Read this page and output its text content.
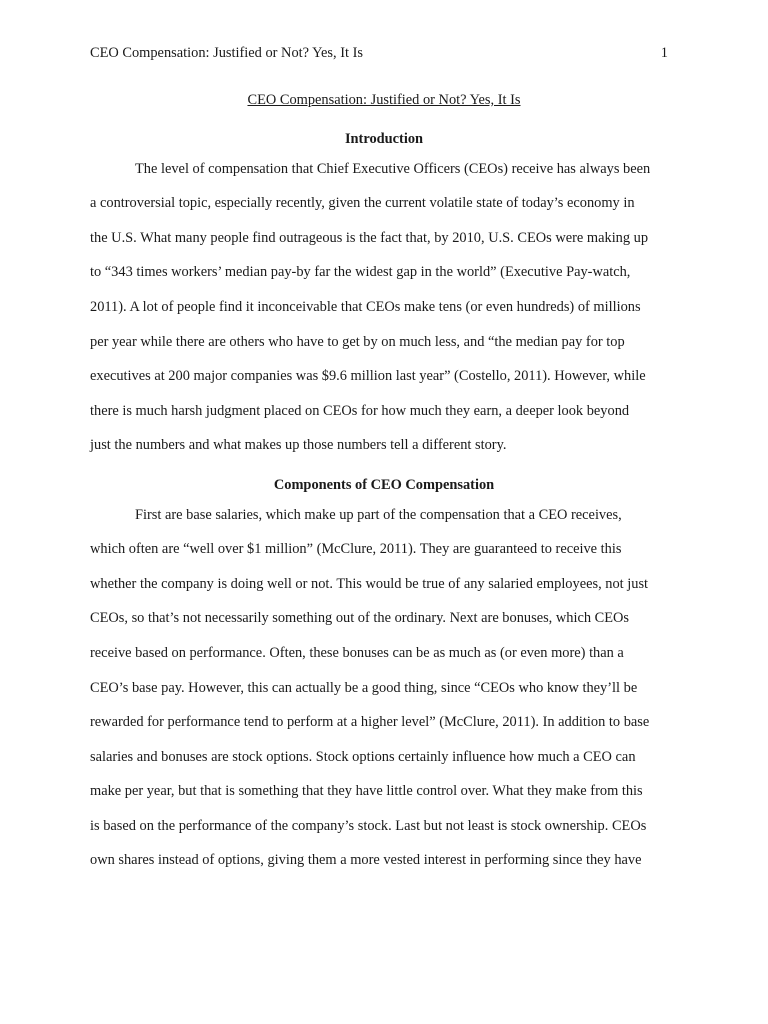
CEO Compensation: Justified or Not? Yes, It Is	1
CEO Compensation: Justified or Not? Yes, It Is
Introduction
The level of compensation that Chief Executive Officers (CEOs) receive has always been
a controversial topic, especially recently, given the current volatile state of today’s economy in
the U.S. What many people find outrageous is the fact that, by 2010, U.S. CEOs were making up
to “343 times workers’ median pay-by far the widest gap in the world” (Executive Pay-watch,
2011). A lot of people find it inconceivable that CEOs make tens (or even hundreds) of millions
per year while there are others who have to get by on much less, and “the median pay for top
executives at 200 major companies was $9.6 million last year” (Costello, 2011). However, while
there is much harsh judgment placed on CEOs for how much they earn, a deeper look beyond
just the numbers and what makes up those numbers tell a different story.
Components of CEO Compensation
First are base salaries, which make up part of the compensation that a CEO receives,
which often are “well over $1 million” (McClure, 2011). They are guaranteed to receive this
whether the company is doing well or not. This would be true of any salaried employees, not just
CEOs, so that’s not necessarily something out of the ordinary. Next are bonuses, which CEOs
receive based on performance. Often, these bonuses can be as much as (or even more) than a
CEO’s base pay. However, this can actually be a good thing, since “CEOs who know they’ll be
rewarded for performance tend to perform at a higher level” (McClure, 2011). In addition to base
salaries and bonuses are stock options. Stock options certainly influence how much a CEO can
make per year, but that is something that they have little control over. What they make from this
is based on the performance of the company’s stock. Last but not least is stock ownership. CEOs
own shares instead of options, giving them a more vested interest in performing since they have
